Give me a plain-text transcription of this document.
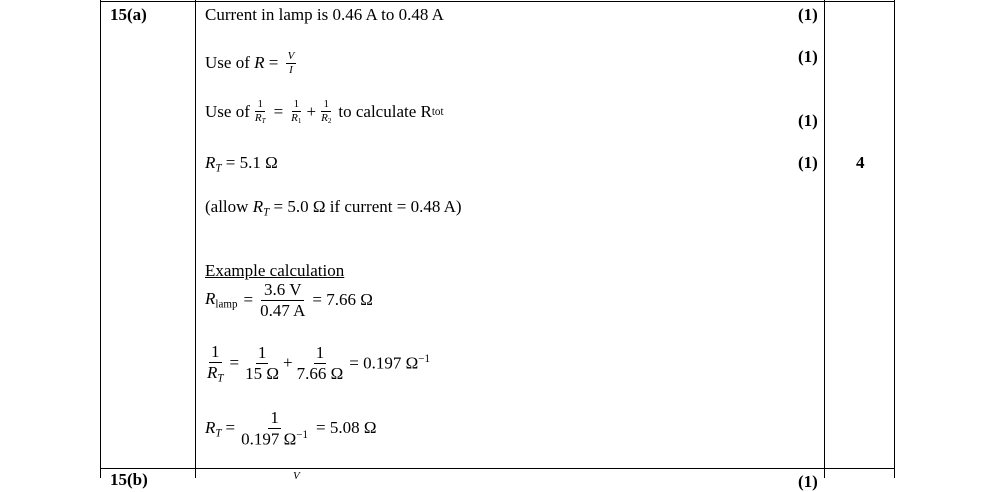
15(a)	Current in lamp is 0.46 A to 0.48 A	(1)
Use of $R = \frac{V}{I}$	(1)
Use of $\frac{1}{R_T} = \frac{1}{R_1} + \frac{1}{R_2}$ to calculate R tot	(1)
$R_T = 5.1$ Ω	(1) 4
(allow $R_T = 5.0$ Ω if current = 0.48 A)
Example calculation
$R_{lamp} = \frac{3.6 V}{0.47 A} = 7.66$ Ω
$\frac{1}{R_T} = \frac{1}{15 \Omega} + \frac{1}{7.66 \Omega} = 0.197$ $\Omega^{-1}$
$R_T = \frac{1}{0.197 \Omega^{-1}} = 5.08$ Ω
15(b)	V	(1)
